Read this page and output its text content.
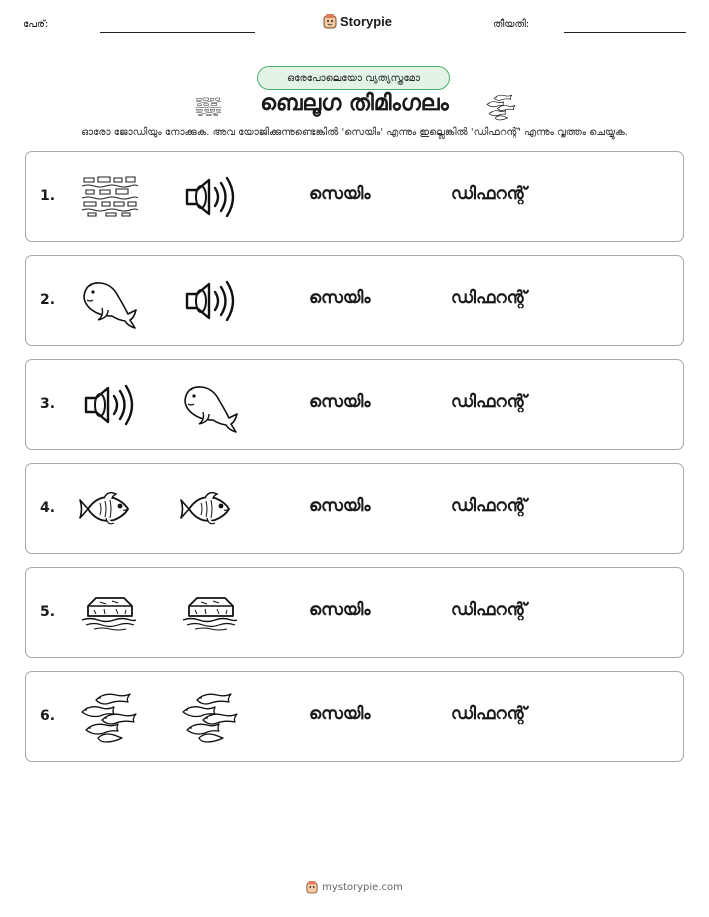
പേര്:	Storypie	തീയതി:
ഒരേപോലെയോ വ്യത്യസ്തമോ
ബെലൂഗ തിമിംഗലം
ഓരോ ജോഡിയും നോക്കുക. അവ യോജിക്കുന്നുണ്ടെങ്കിൽ 'സെയിം' എന്നും ഇല്ലെങ്കിൽ 'ഡിഫറന്റ്' എന്നും വൃത്തം ചെയ്യുക.
1.	സെയിം	ഡിഫറന്റ്
2.	സെയിം	ഡിഫറന്റ്
3.	സെയിം	ഡിഫറന്റ്
4.	സെയിം	ഡിഫറന്റ്
5.	സെയിം	ഡിഫറന്റ്
6.	സെയിം	ഡിഫറന്റ്
mystorypie.com
